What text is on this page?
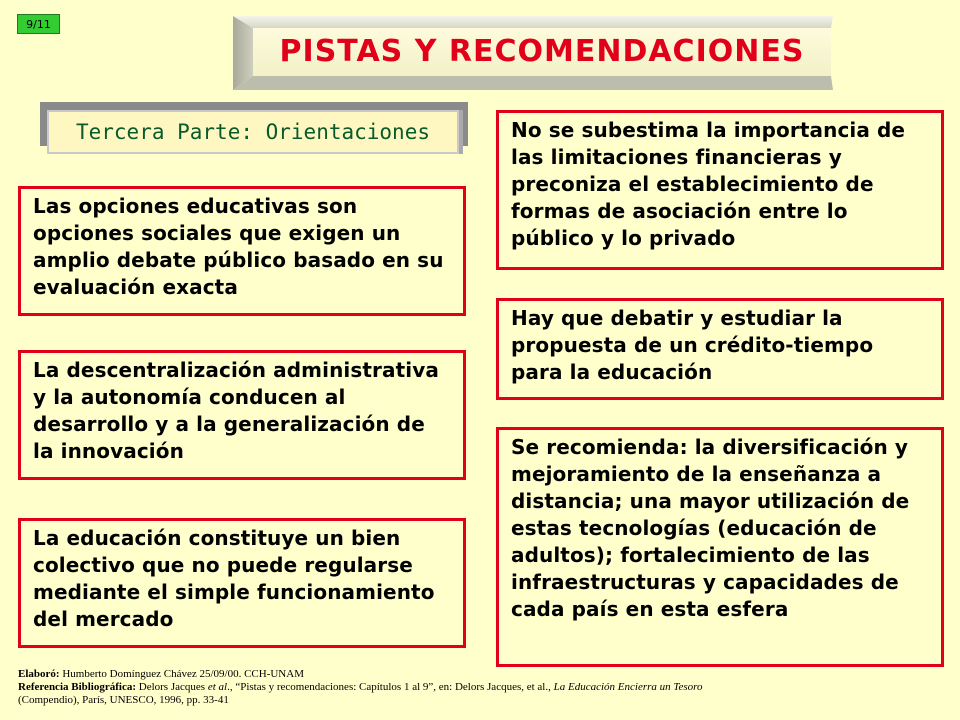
9/11
PISTAS Y RECOMENDACIONES
Tercera Parte: Orientaciones
Las opciones educativas son opciones sociales que exigen un amplio debate público basado en su evaluación exacta
La descentralización administrativa y la autonomía conducen al desarrollo y a la generalización de la innovación
La educación constituye un bien colectivo que no puede regularse mediante el simple funcionamiento del mercado
No se subestima la importancia de las limitaciones financieras y preconiza el establecimiento de formas de asociación entre lo público y lo privado
Hay que debatir y estudiar la propuesta de un crédito-tiempo para la educación
Se recomienda: la diversificación y mejoramiento de la enseñanza a distancia; una mayor utilización de estas tecnologías (educación de adultos); fortalecimiento de las infraestructuras y capacidades de cada país en esta esfera
Elaboró: Humberto Domínguez Chávez 25/09/00. CCH-UNAM
Referencia Bibliográfica: Delors Jacques et al., “Pistas y recomendaciones: Capítulos 1 al 9”, en: Delors Jacques, et al., La Educación Encierra un Tesoro
(Compendio), París, UNESCO, 1996, pp. 33-41
